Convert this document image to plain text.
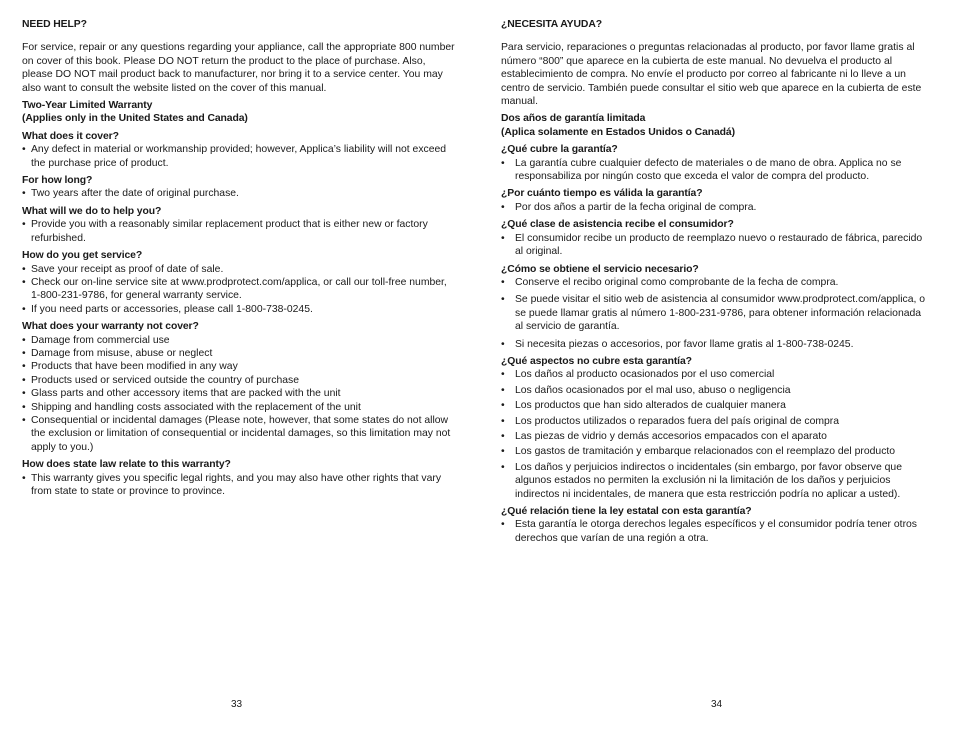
NEED HELP?
For service, repair or any questions regarding your appliance, call the appropriate 800 number on cover of this book. Please DO NOT return the product to the place of purchase. Also, please DO NOT mail product back to manufacturer, nor bring it to a service center. You may also want to consult the website listed on the cover of this manual.
Two-Year Limited Warranty
(Applies only in the United States and Canada)
What does it cover?
• Any defect in material or workmanship provided; however, Applica’s liability will not exceed the purchase price of product.
For how long?
• Two years after the date of original purchase.
What will we do to help you?
• Provide you with a reasonably similar replacement product that is either new or factory refurbished.
How do you get service?
• Save your receipt as proof of date of sale.
• Check our on-line service site at www.prodprotect.com/applica, or call our toll-free number, 1-800-231-9786, for general warranty service.
• If you need parts or accessories, please call 1-800-738-0245.
What does your warranty not cover?
• Damage from commercial use
• Damage from misuse, abuse or neglect
• Products that have been modified in any way
• Products used or serviced outside the country of purchase
• Glass parts and other accessory items that are packed with the unit
• Shipping and handling costs associated with the replacement of the unit
• Consequential or incidental damages (Please note, however, that some states do not allow the exclusion or limitation of consequential or incidental damages, so this limitation may not apply to you.)
How does state law relate to this warranty?
• This warranty gives you specific legal rights, and you may also have other rights that vary from state to state or province to province.
¿NECESITA AYUDA?
Para servicio, reparaciones o preguntas relacionadas al producto, por favor llame gratis al número “800” que aparece en la cubierta de este manual. No devuelva el producto al establecimiento de compra. No envíe el producto por correo al fabricante ni lo lleve a un centro de servicio. También puede consultar el sitio web que aparece en la cubierta de este manual.
Dos años de garantía limitada
(Aplica solamente en Estados Unidos o Canadá)
¿Qué cubre la garantía?
• La garantía cubre cualquier defecto de materiales o de mano de obra. Applica no se responsabiliza por ningún costo que exceda el valor de compra del producto.
¿Por cuánto tiempo es válida la garantía?
• Por dos años a partir de la fecha original de compra.
¿Qué clase de asistencia recibe el consumidor?
• El consumidor recibe un producto de reemplazo nuevo o restaurado de fábrica, parecido al original.
¿Cómo se obtiene el servicio necesario?
• Conserve el recibo original como comprobante de la fecha de compra.
• Se puede visitar el sitio web de asistencia al consumidor www.prodprotect.com/applica, o se puede llamar gratis al número 1-800-231-9786, para obtener información relacionada al servicio de garantía.
• Si necesita piezas o accesorios, por favor llame gratis al 1-800-738-0245.
¿Qué aspectos no cubre esta garantía?
• Los daños al producto ocasionados por el uso comercial
• Los daños ocasionados por el mal uso, abuso o negligencia
• Los productos que han sido alterados de cualquier manera
• Los productos utilizados o reparados fuera del país original de compra
• Las piezas de vidrio y demás accesorios empacados con el aparato
• Los gastos de tramitación y embarque relacionados con el reemplazo del producto
• Los daños y perjuicios indirectos o incidentales (sin embargo, por favor observe que algunos estados no permiten la exclusión ni la limitación de los daños y perjuicios indirectos ni incidentales, de manera que esta restricción podría no aplicar a usted).
¿Qué relación tiene la ley estatal con esta garantía?
• Esta garantía le otorga derechos legales específicos y el consumidor podría tener otros derechos que varían de una región a otra.
33	34
